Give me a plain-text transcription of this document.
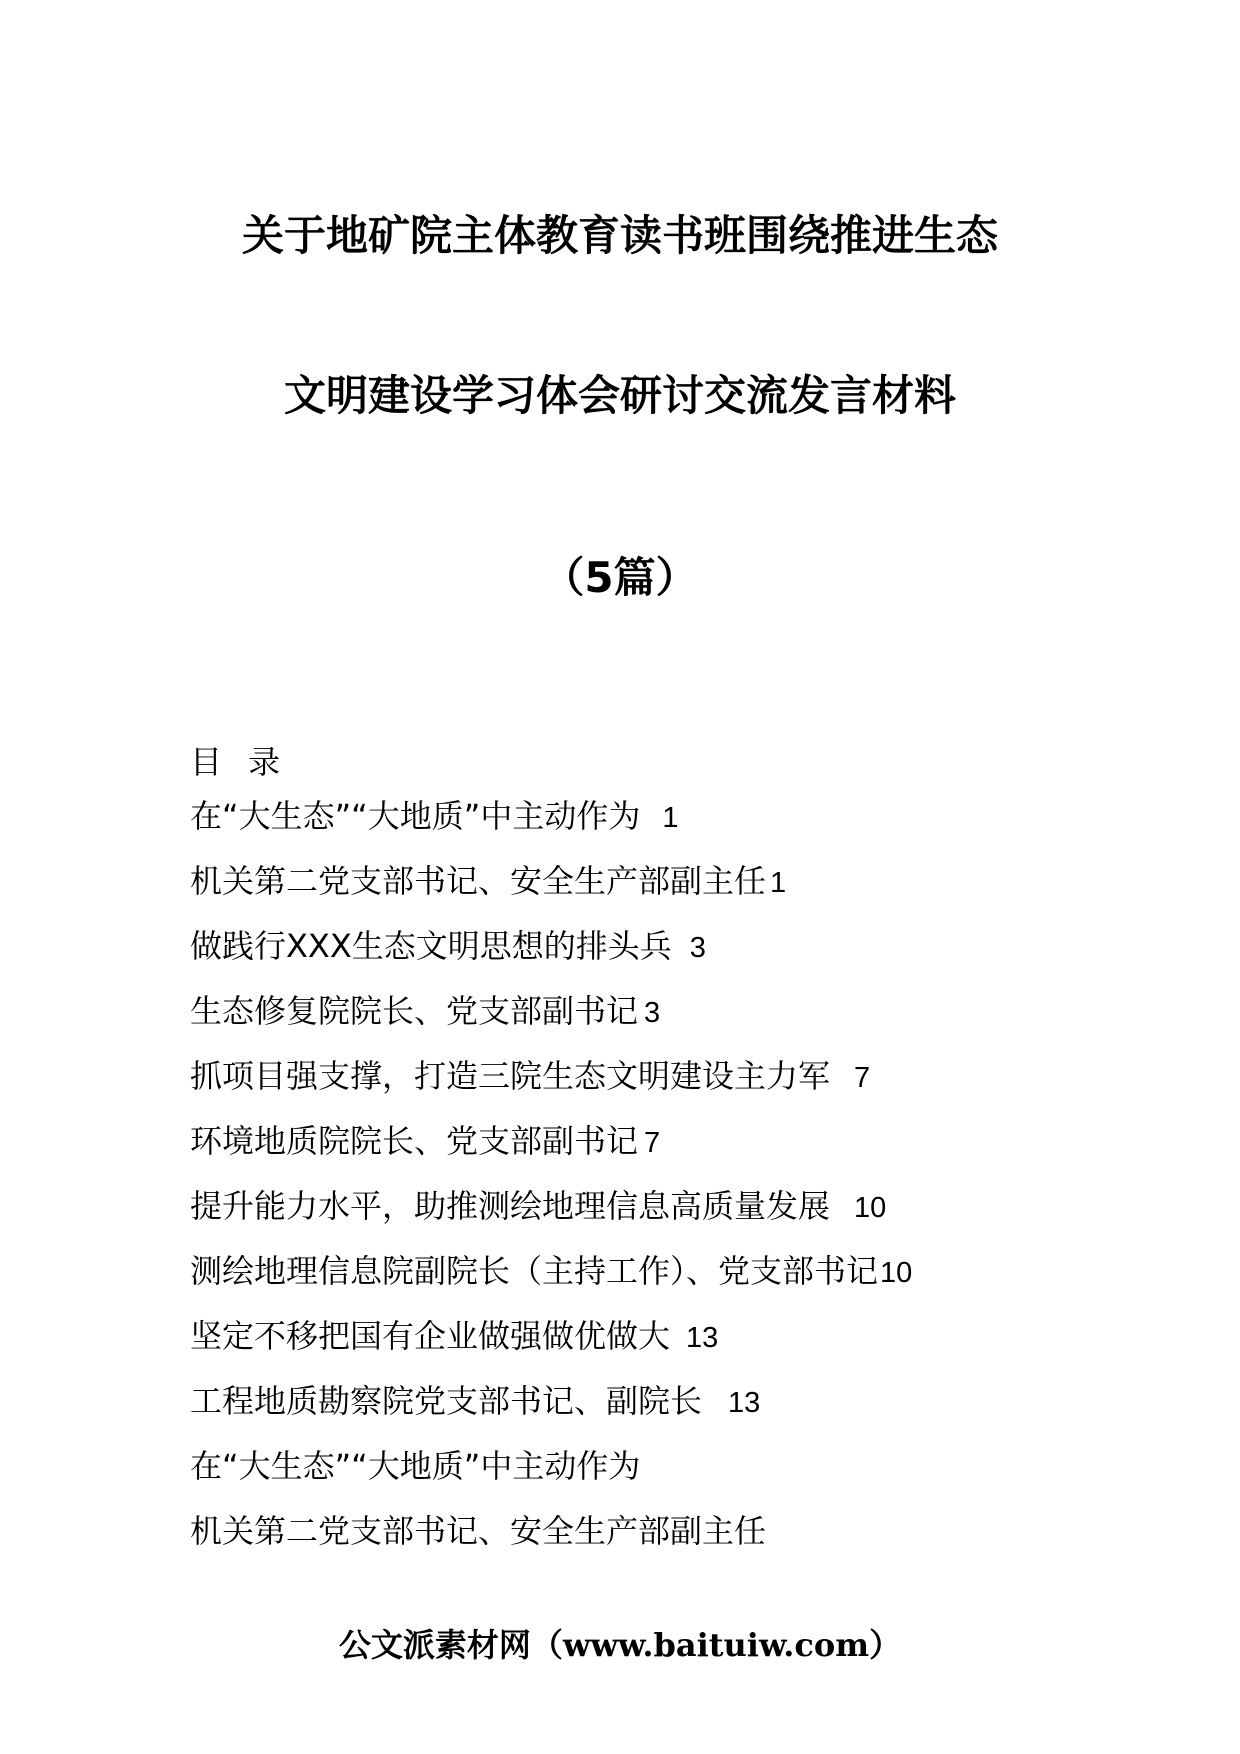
关于地矿院主体教育读书班围绕推进生态
文明建设学习体会研讨交流发言材料
（5篇）
目 录
在“大生态”“大地质”中主动作为 1
机关第二党支部书记、安全生产部副主任 1
做践行XXX生态文明思想的排头兵 3
生态修复院院长、党支部副书记 3
抓项目强支撑，打造三院生态文明建设主力军 7
环境地质院院长、党支部副书记 7
提升能力水平，助推测绘地理信息高质量发展 10
测绘地理信息院副院长（主持工作）、党支部书记 10
坚定不移把国有企业做强做优做大 13
工程地质勘察院党支部书记、副院长 13
在“大生态”“大地质”中主动作为
机关第二党支部书记、安全生产部副主任
公文派素材网（www.baituiw.com）
